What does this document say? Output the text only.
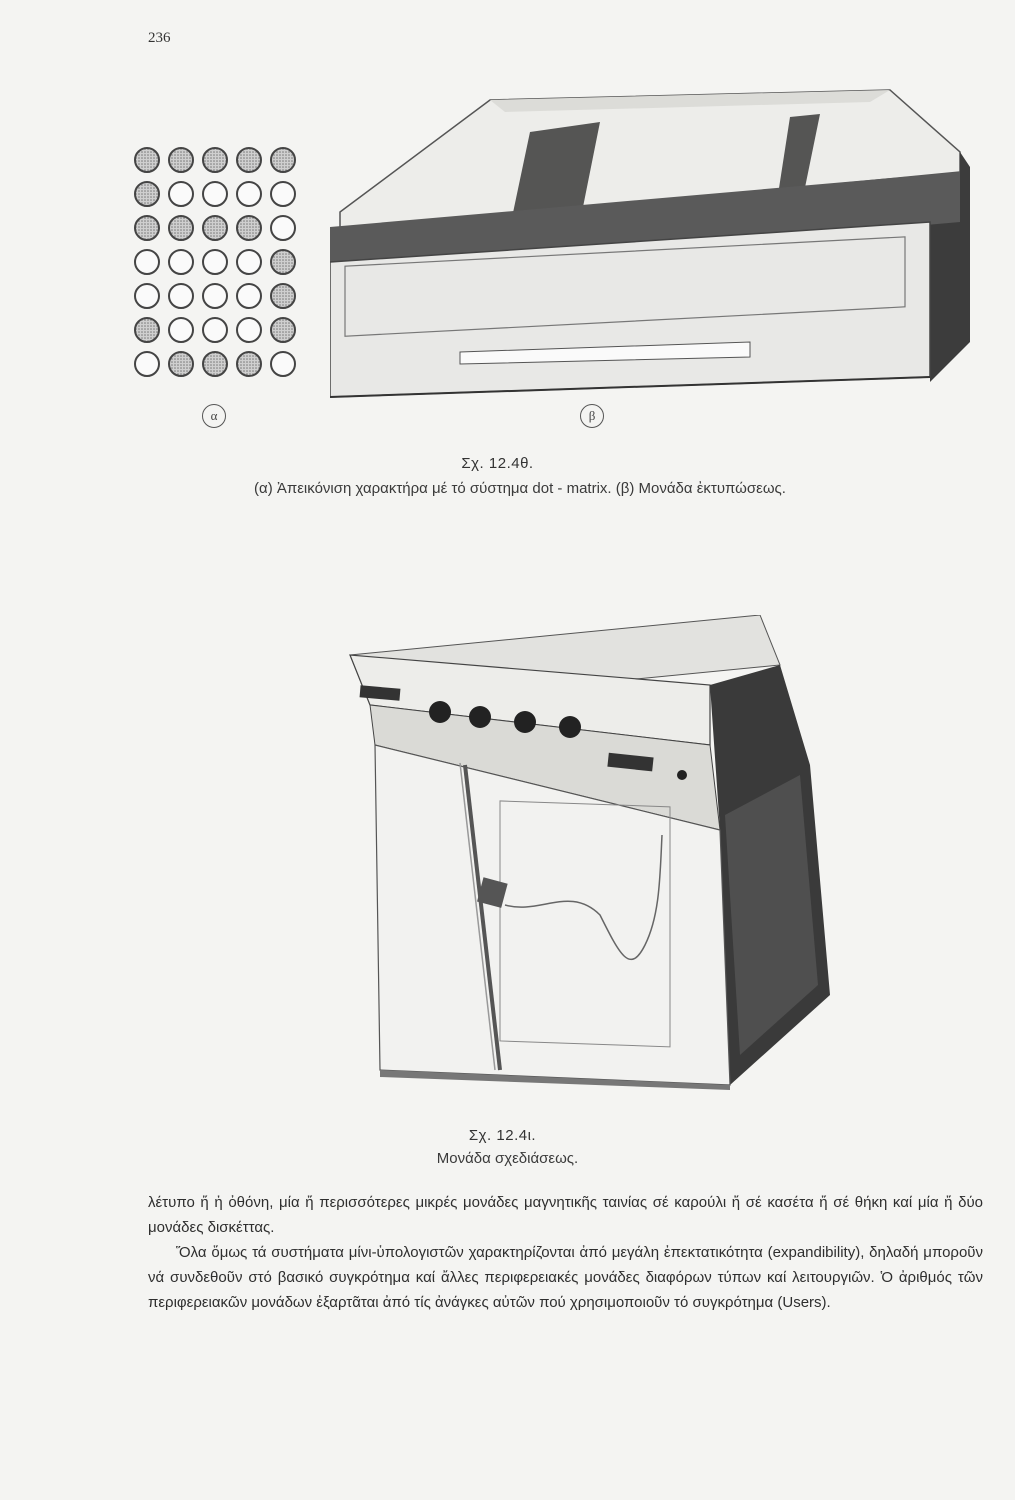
236
α	β
Σχ. 12.4θ.
(α) Ἀπεικόνιση χαρακτήρα μέ τό σύστημα dot - matrix. (β) Μονάδα ἐκτυπώσεως.
Σχ. 12.4ι.
Μονάδα σχεδιάσεως.

λέτυπο ἤ ἡ ὀθόνη, μία ἤ περισσότερες μικρές μονάδες μαγνητικῆς ταινίας σέ καρούλι ἤ σέ κασέτα ἤ σέ θήκη καί μία ἤ δύο μονάδες δισκέττας.

Ὅλα ὅμως τά συστήματα μίνι-ὑπολογιστῶν χαρακτηρίζονται ἀπό μεγάλη ἐπεκτατικότητα (expandibility), δηλαδή μποροῦν νά συνδεθοῦν στό βασικό συγκρότημα καί ἄλλες περιφερειακές μονάδες διαφόρων τύπων καί λειτουργιῶν. Ὁ ἀριθμός τῶν περιφερειακῶν μονάδων ἐξαρτᾶται ἀπό τίς ἀνάγκες αὐτῶν πού χρησιμοποιοῦν τό συγκρότημα (Users).
